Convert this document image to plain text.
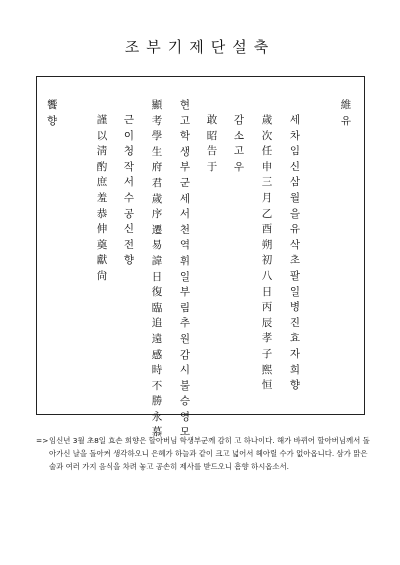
조부기제단설축
維 유
세차임신삼월을유삭초팔일병진효자희향
歲次任申三月乙酉朔初八日丙辰孝子熙恒
감소고우
敢昭告于
현고학생부군세서천역휘일부림추원감시불승영모
顯考學生府君歲序遷易諱日復臨追遠感時不勝永慕
근이청작서수공신전향
謹以淸酌庶羞恭伸奠獻尙
饗 향
=> 임신년 3월 초8일 효손 희향은 할아버님 학생부군께 감히 고 하나이다. 해가 바뀌어 할아버님께서 돌아가신 날을 돌아켜 생각하오니 은혜가 하늘과 같이 크고 넓어서 헤아릴 수가 없아옵니다. 삼가 맑은 술과 여러 가지 음식을 차려 놓고 공손히 제사를 받드오니 흠향 하시옵소서.
